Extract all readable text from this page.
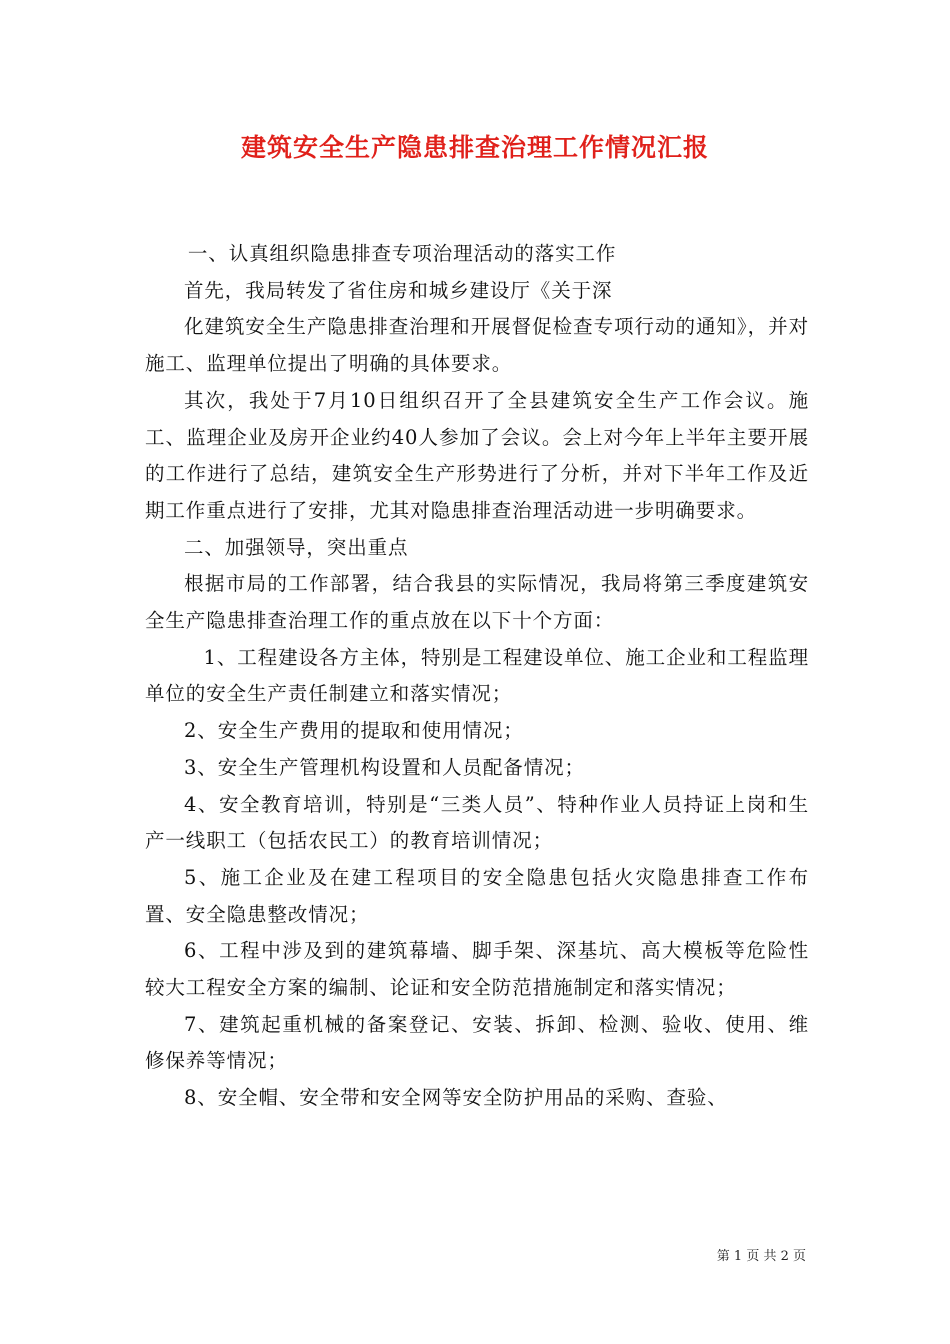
建筑安全生产隐患排查治理工作情况汇报

一、认真组织隐患排查专项治理活动的落实工作

首先，我局转发了省住房和城乡建设厅《关于深

化建筑安全生产隐患排查治理和开展督促检查专项行动的通知》，并对施工、监理单位提出了明确的具体要求。

其次，我处于7月10日组织召开了全县建筑安全生产工作会议。施工、监理企业及房开企业约40人参加了会议。会上对今年上半年主要开展的工作进行了总结，建筑安全生产形势进行了分析，并对下半年工作及近期工作重点进行了安排，尤其对隐患排查治理活动进一步明确要求。

二、加强领导，突出重点

根据市局的工作部署，结合我县的实际情况，我局将第三季度建筑安全生产隐患排查治理工作的重点放在以下十个方面：

1、工程建设各方主体，特别是工程建设单位、施工企业和工程监理单位的安全生产责任制建立和落实情况；

2、安全生产费用的提取和使用情况；

3、安全生产管理机构设置和人员配备情况；

4、安全教育培训，特别是“三类人员”、特种作业人员持证上岗和生产一线职工（包括农民工）的教育培训情况；

5、施工企业及在建工程项目的安全隐患包括火灾隐患排查工作布置、安全隐患整改情况；

6、工程中涉及到的建筑幕墙、脚手架、深基坑、高大模板等危险性较大工程安全方案的编制、论证和安全防范措施制定和落实情况；

7、建筑起重机械的备案登记、安装、拆卸、检测、验收、使用、维修保养等情况；

8、安全帽、安全带和安全网等安全防护用品的采购、查验、

第 1 页 共 2 页
